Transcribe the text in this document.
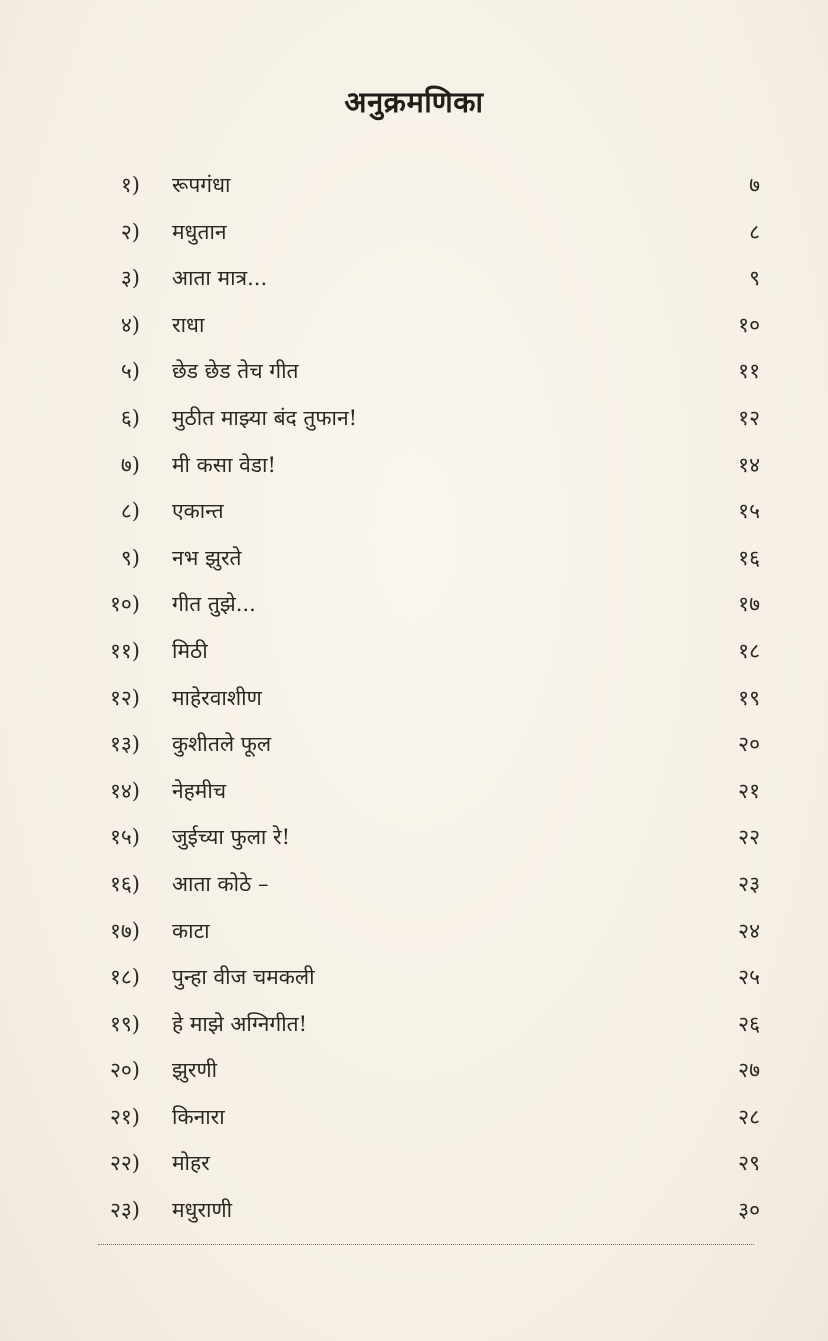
अनुक्रमणिका
१) रूपगंधा	७
२) मधुतान	८
३) आता मात्र...	९
४) राधा	१०
५) छेड छेड तेच गीत	११
६) मुठीत माझ्या बंद तुफान!	१२
७) मी कसा वेडा!	१४
८) एकान्त	१५
९) नभ झुरते	१६
१०) गीत तुझे...	१७
११) मिठी	१८
१२) माहेरवाशीण	१९
१३) कुशीतले फूल	२०
१४) नेहमीच	२१
१५) जुईच्या फुला रे!	२२
१६) आता कोठे –	२३
१७) काटा	२४
१८) पुन्हा वीज चमकली	२५
१९) हे माझे अग्निगीत!	२६
२०) झुरणी	२७
२१) किनारा	२८
२२) मोहर	२९
२३) मधुराणी	३०
